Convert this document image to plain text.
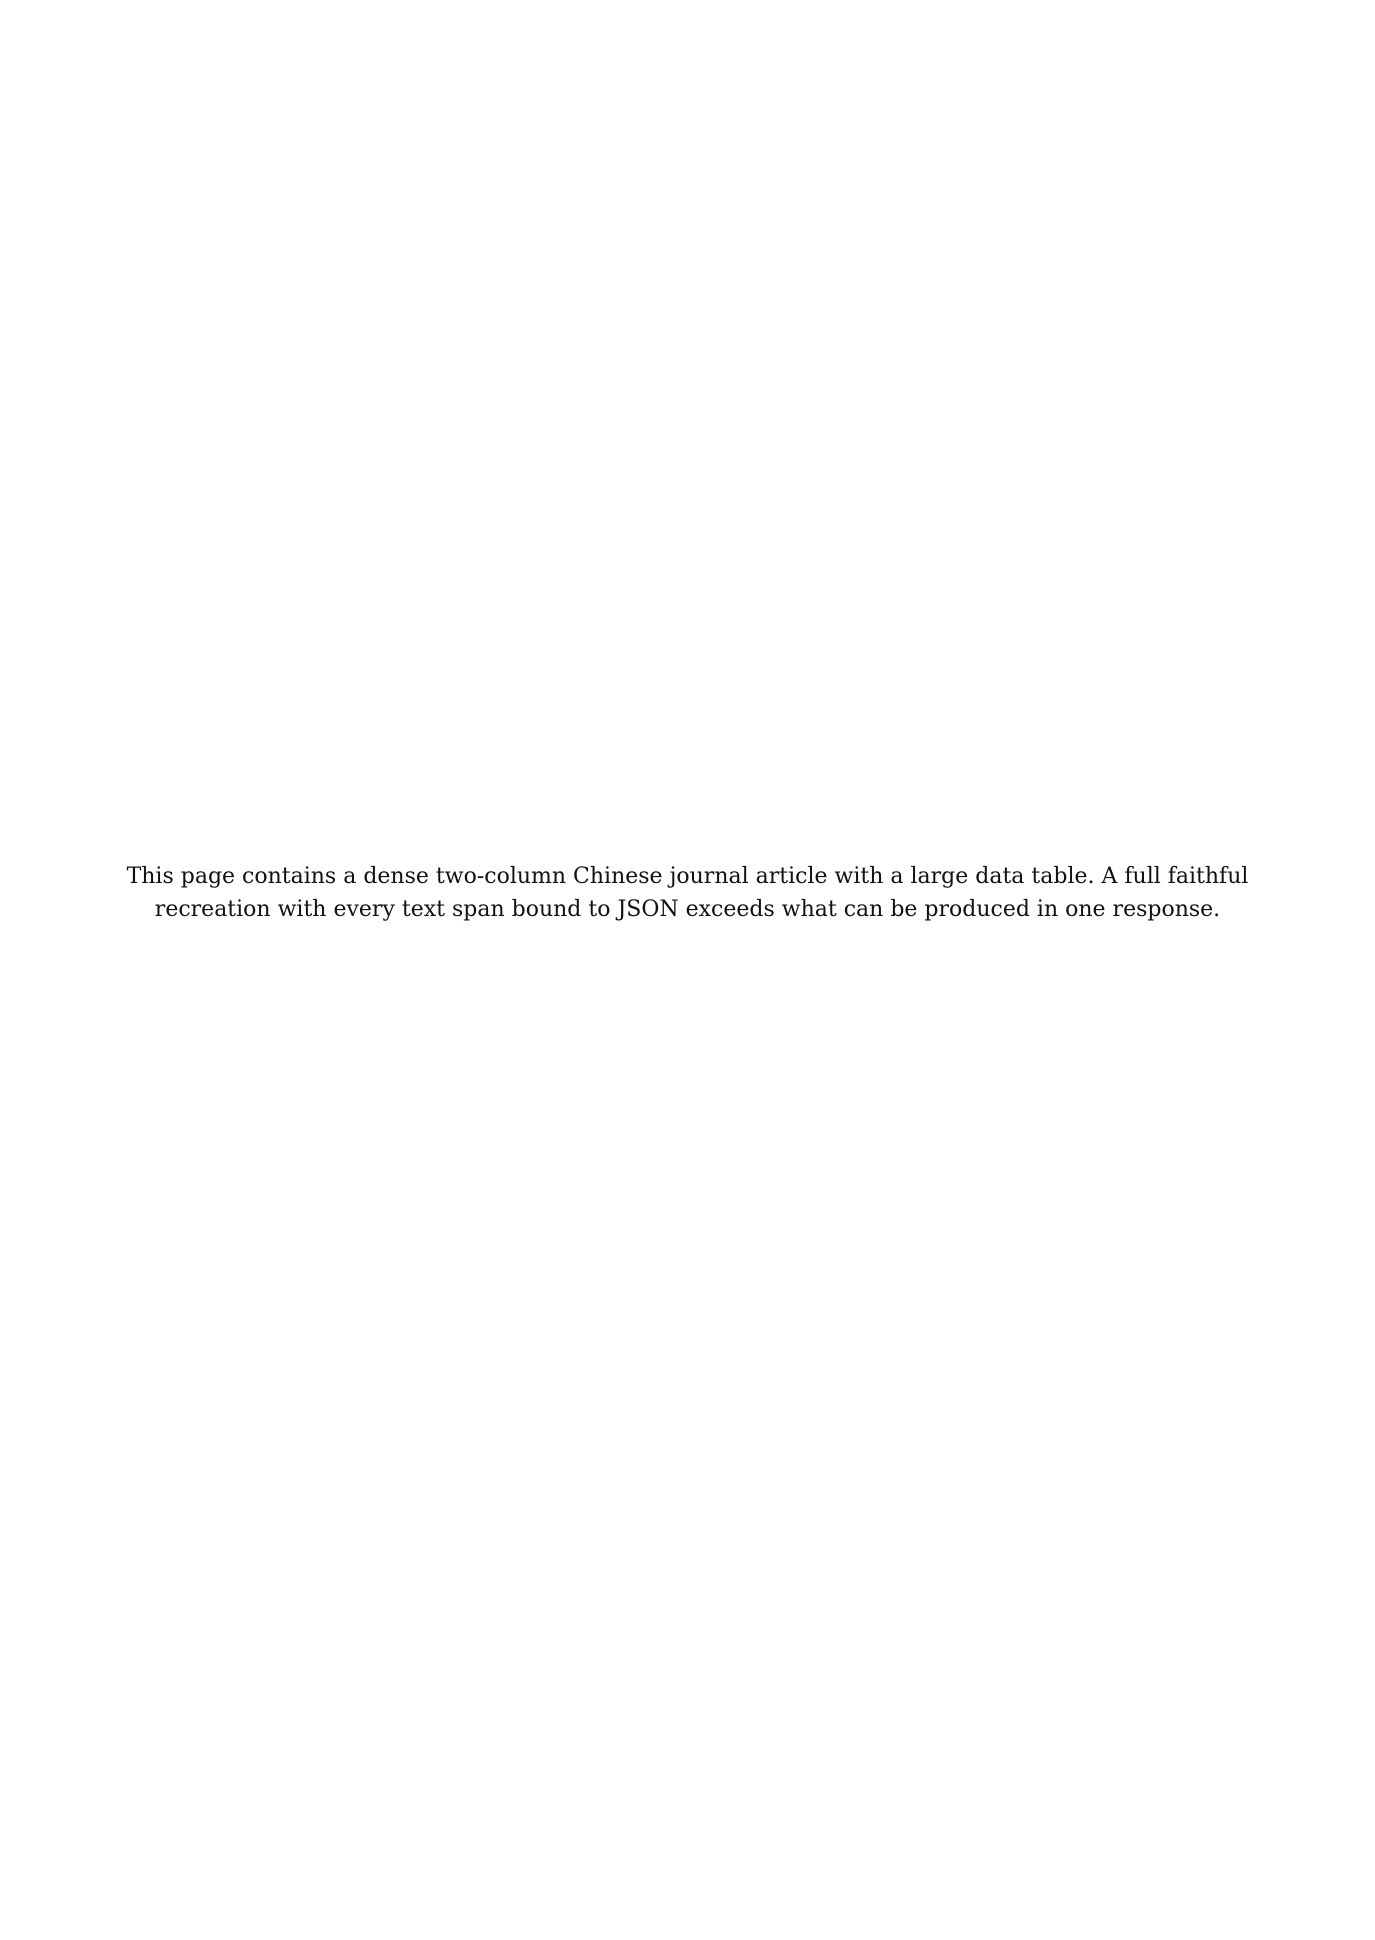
This page contains a dense two-column Chinese journal article with a large data table. A full faithful recreation with every text span bound to JSON exceeds what can be produced in one response.
